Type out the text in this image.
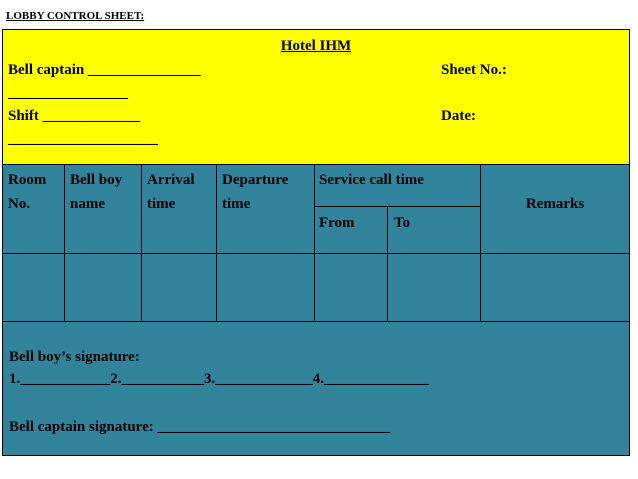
LOBBY CONTROL SHEET:
Hotel IHM
Bell captain _______________
________________
Shift _____________
____________________
Sheet No.:
Date:
Room No.
Bell boy name
Arrival time
Departure time
Service call time
From	To
Remarks
Bell boy’s signature:
1.____________2.___________3._____________4.______________
Bell captain signature: _______________________________
